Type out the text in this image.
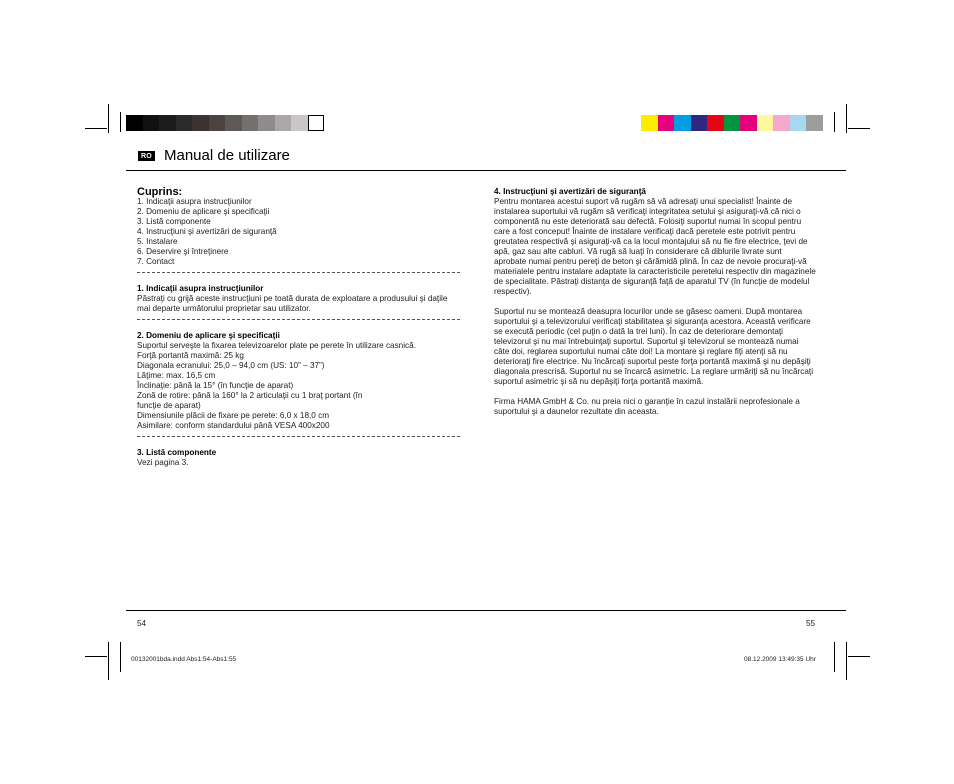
RO Manual de utilizare

Cuprins:

1. Indicaţii asupra instrucţiunilor

2. Domeniu de aplicare şi specificaţii

3. Listă componente

4. Instrucţiuni şi avertizări de siguranţă

5. Instalare

6. Deservire şi întreţinere

7. Contact

1. Indicaţii asupra instrucţiunilor

Păstraţi cu grijă aceste instrucţiuni pe toată durata de exploatare a produsului şi daţile mai departe următorului proprietar sau utilizator.

2. Domeniu de aplicare şi specificaţii

Suportul serveşte la fixarea televizoarelor plate pe perete în utilizare casnică.

Forţă portantă maximă: 25 kg

Diagonala ecranului: 25,0 – 94,0 cm (US: 10” – 37”)

Lăţime: max. 16,5 cm

Înclinaţie: până la 15° (în funcţie de aparat)

Zonă de rotire: până la 160° la 2 articulaţii cu 1 braţ portant (în funcţie de aparat)

Dimensiunile plăcii de fixare pe perete: 6,0 x 18,0 cm

Asimilare: conform standardului până VESA 400x200

3. Listă componente

Vezi pagina 3.

4. Instrucţiuni şi avertizări de siguranţă

Pentru montarea acestui suport vă rugăm să vă adresaţi unui specialist! Înainte de instalarea suportului vă rugăm să verificaţi integritatea setului şi asiguraţi-vă că nici o componentă nu este deteriorată sau defectă. Folosiţi suportul numai în scopul pentru care a fost conceput! Înainte de instalare verificaţi dacă peretele este potrivit pentru greutatea respectivă şi asiguraţi-vă ca la locul montajului să nu fie fire electrice, ţevi de apă, gaz sau alte cabluri. Vă rugă să luaţi în considerare că diblurile livrate sunt aprobate numai pentru pereţi de beton şi cărămidă plină. În caz de nevoie procuraţi-vă materialele pentru instalare adaptate la caracteristicile peretelui respectiv din magazinele de specialitate. Păstraţi distanţa de siguranţă faţă de aparatul TV (în funcţie de modelul respectiv).

Suportul nu se montează deasupra locurilor unde se găsesc oameni. După montarea suportului şi a televizorului verificaţi stabilitatea şi siguranţa acestora. Această verificare se execută periodic (cel puţin o dată la trei luni). În caz de deteriorare demontaţi televizorul şi nu mai întrebuinţaţi suportul. Suportul şi televizorul se montează numai câte doi, reglarea suportului numai câte doi! La montare şi reglare fiţi atenţi să nu deterioraţi fire electrice. Nu încărcaţi suportul peste forţa portantă maximă şi nu depăşiţi diagonala prescrisă. Suportul nu se încarcă asimetric. La reglare urmăriţi să nu încărcaţi suportul asimetric şi să nu depăşiţi forţa portantă maximă.

Firma HAMA GmbH & Co. nu preia nici o garanţie în cazul instalării neprofesionale a suportului şi a daunelor rezultate din aceasta.

54	55
00132001bda.indd Abs1:54-Abs1:55	08.12.2009 13:49:35 Uhr
